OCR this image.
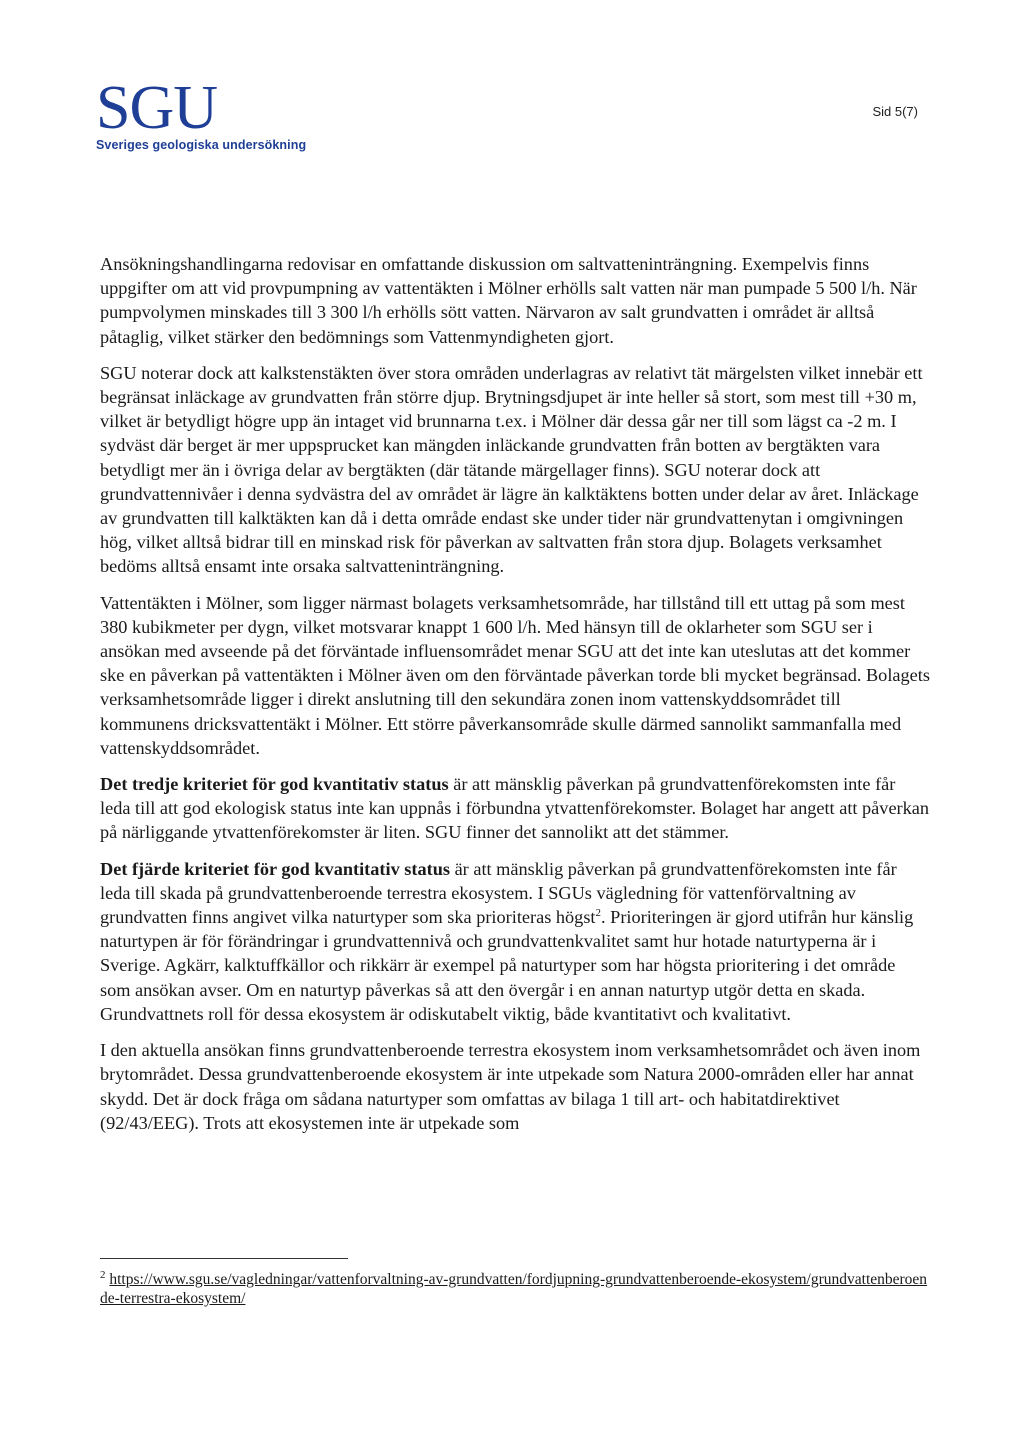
SGU
Sveriges geologiska undersökning
Sid 5(7)

Ansökningshandlingarna redovisar en omfattande diskussion om saltvatteninträngning. Exempelvis finns uppgifter om att vid provpumpning av vattentäkten i Mölner erhölls salt vatten när man pumpade 5 500 l/h. När pumpvolymen minskades till 3 300 l/h erhölls sött vatten. Närvaron av salt grundvatten i området är alltså påtaglig, vilket stärker den bedömnings som Vattenmyndigheten gjort.

SGU noterar dock att kalkstenstäkten över stora områden underlagras av relativt tät märgelsten vilket innebär ett begränsat inläckage av grundvatten från större djup. Brytningsdjupet är inte heller så stort, som mest till +30 m, vilket är betydligt högre upp än intaget vid brunnarna t.ex. i Mölner där dessa går ner till som lägst ca -2 m. I sydväst där berget är mer uppsprucket kan mängden inläckande grundvatten från botten av bergtäkten vara betydligt mer än i övriga delar av bergtäkten (där tätande märgellager finns). SGU noterar dock att grundvattennivåer i denna sydvästra del av området är lägre än kalktäktens botten under delar av året. Inläckage av grundvatten till kalktäkten kan då i detta område endast ske under tider när grundvattenytan i omgivningen hög, vilket alltså bidrar till en minskad risk för påverkan av saltvatten från stora djup. Bolagets verksamhet bedöms alltså ensamt inte orsaka saltvatteninträngning.

Vattentäkten i Mölner, som ligger närmast bolagets verksamhetsområde, har tillstånd till ett uttag på som mest 380 kubikmeter per dygn, vilket motsvarar knappt 1 600 l/h. Med hänsyn till de oklarheter som SGU ser i ansökan med avseende på det förväntade influensområdet menar SGU att det inte kan uteslutas att det kommer ske en påverkan på vattentäkten i Mölner även om den förväntade påverkan torde bli mycket begränsad. Bolagets verksamhetsområde ligger i direkt anslutning till den sekundära zonen inom vattenskyddsområdet till kommunens dricksvattentäkt i Mölner. Ett större påverkansområde skulle därmed sannolikt sammanfalla med vattenskyddsområdet.

Det tredje kriteriet för god kvantitativ status är att mänsklig påverkan på grundvattenförekomsten inte får leda till att god ekologisk status inte kan uppnås i förbundna ytvattenförekomster. Bolaget har angett att påverkan på närliggande ytvattenförekomster är liten. SGU finner det sannolikt att det stämmer.

Det fjärde kriteriet för god kvantitativ status är att mänsklig påverkan på grundvattenförekomsten inte får leda till skada på grundvattenberoende terrestra ekosystem. I SGUs vägledning för vattenförvaltning av grundvatten finns angivet vilka naturtyper som ska prioriteras högst$^2$. Prioriteringen är gjord utifrån hur känslig naturtypen är för förändringar i grundvattennivå och grundvattenkvalitet samt hur hotade naturtyperna är i Sverige. Agkärr, kalktuffkällor och rikkärr är exempel på naturtyper som har högsta prioritering i det område som ansökan avser. Om en naturtyp påverkas så att den övergår i en annan naturtyp utgör detta en skada. Grundvattnets roll för dessa ekosystem är odiskutabelt viktig, både kvantitativt och kvalitativt.

I den aktuella ansökan finns grundvattenberoende terrestra ekosystem inom verksamhetsområdet och även inom brytområdet. Dessa grundvattenberoende ekosystem är inte utpekade som Natura 2000-områden eller har annat skydd. Det är dock fråga om sådana naturtyper som omfattas av bilaga 1 till art- och habitatdirektivet (92/43/EEG). Trots att ekosystemen inte är utpekade som

$^2$ https://www.sgu.se/vagledningar/vattenforvaltning-av-grundvatten/fordjupning-grundvattenberoende-ekosystem/grundvattenberoende-terrestra-ekosystem/
